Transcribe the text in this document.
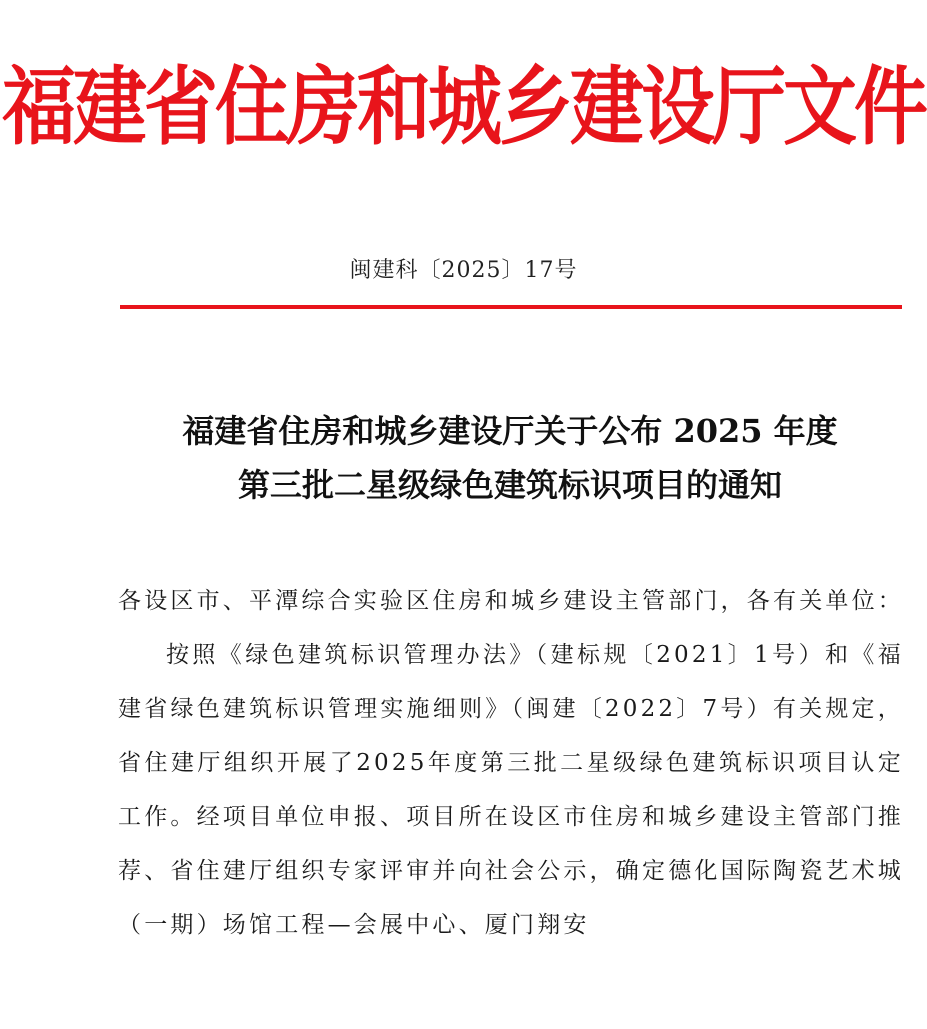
福建省住房和城乡建设厅文件
闽建科〔2025〕17号
福建省住房和城乡建设厅关于公布 2025 年度
第三批二星级绿色建筑标识项目的通知

各设区市、平潭综合实验区住房和城乡建设主管部门，各有关单位：

按照《绿色建筑标识管理办法》（建标规〔2021〕1号）和《福建省绿色建筑标识管理实施细则》（闽建〔2022〕7号）有关规定，省住建厅组织开展了2025年度第三批二星级绿色建筑标识项目认定工作。经项目单位申报、项目所在设区市住房和城乡建设主管部门推荐、省住建厅组织专家评审并向社会公示，确定德化国际陶瓷艺术城（一期）场馆工程—会展中心、厦门翔安
